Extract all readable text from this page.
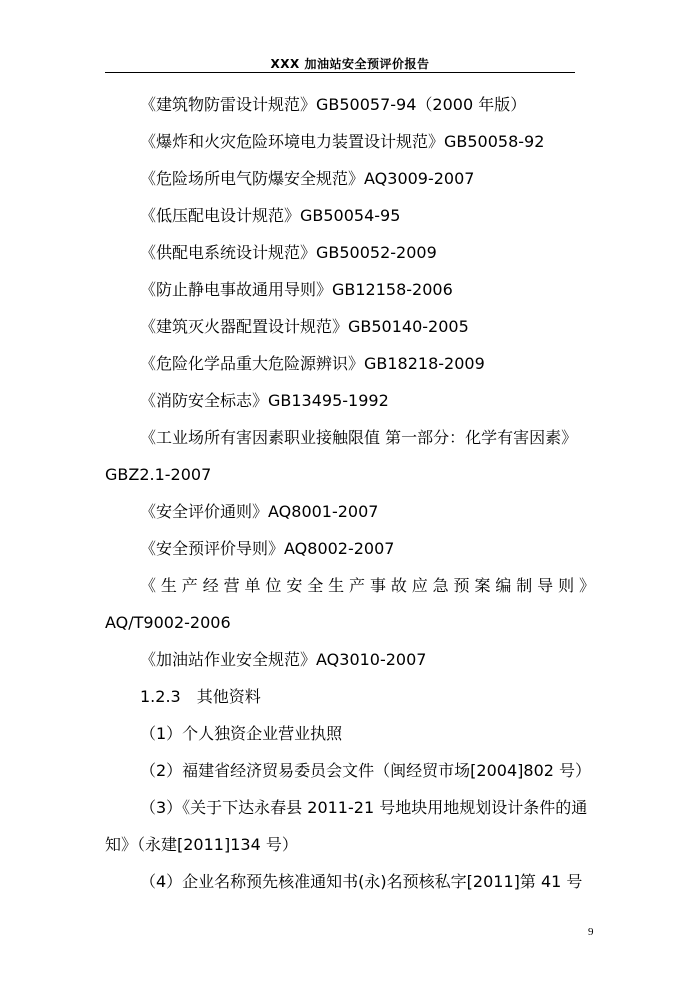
XXX 加油站安全预评价报告
《建筑物防雷设计规范》GB50057-94（2000 年版）
《爆炸和火灾危险环境电力装置设计规范》GB50058-92
《危险场所电气防爆安全规范》AQ3009-2007
《低压配电设计规范》GB50054-95
《供配电系统设计规范》GB50052-2009
《防止静电事故通用导则》GB12158-2006
《建筑灭火器配置设计规范》GB50140-2005
《危险化学品重大危险源辨识》GB18218-2009
《消防安全标志》GB13495-1992
《工业场所有害因素职业接触限值 第一部分：化学有害因素》
GBZ2.1-2007
《安全评价通则》AQ8001-2007
《安全预评价导则》AQ8002-2007
《生产经营单位安全生产事故应急预案编制导则》
AQ/T9002-2006
《加油站作业安全规范》AQ3010-2007
1.2.3　其他资料
（1）个人独资企业营业执照
（2）福建省经济贸易委员会文件（闽经贸市场[2004]802 号）
（3）《关于下达永春县 2011-21 号地块用地规划设计条件的通
知》（永建[2011]134 号）
（4）企业名称预先核准通知书(永)名预核私字[2011]第 41 号
9
